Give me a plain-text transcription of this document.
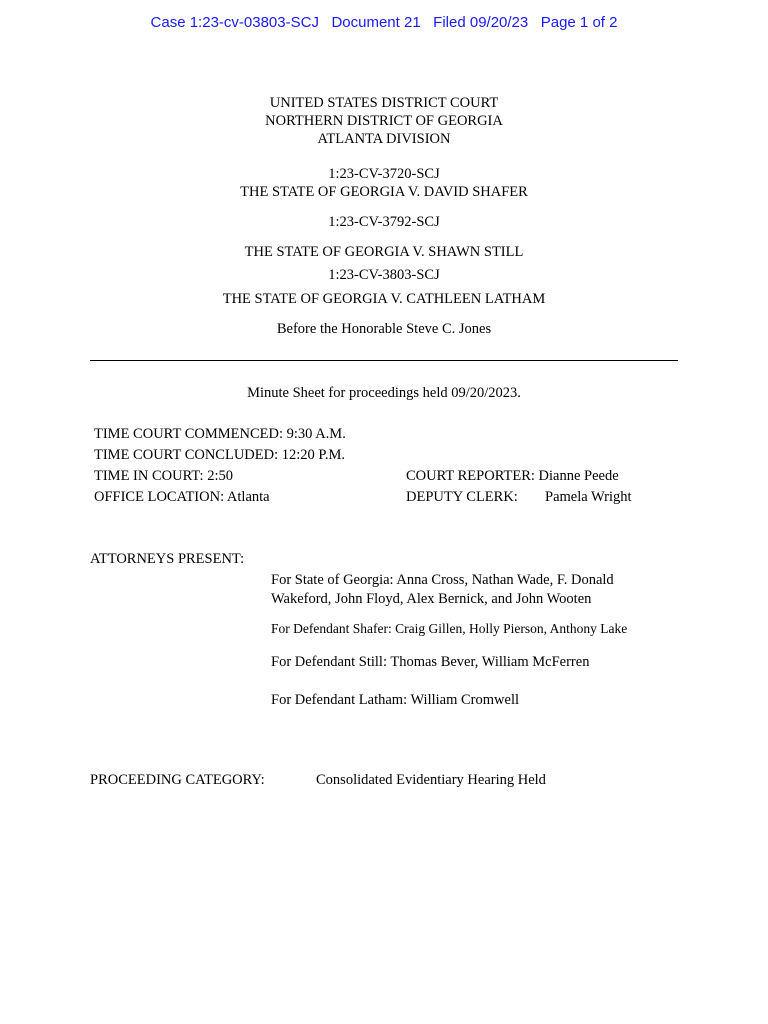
Case 1:23-cv-03803-SCJ   Document 21   Filed 09/20/23   Page 1 of 2
UNITED STATES DISTRICT COURT
NORTHERN DISTRICT OF GEORGIA
ATLANTA DIVISION
1:23-CV-3720-SCJ
THE STATE OF GEORGIA V. DAVID SHAFER
1:23-CV-3792-SCJ
THE STATE OF GEORGIA V. SHAWN STILL
1:23-CV-3803-SCJ
THE STATE OF GEORGIA V. CATHLEEN LATHAM
Before the Honorable Steve C. Jones
Minute Sheet for proceedings held 09/20/2023.
TIME COURT COMMENCED: 9:30 A.M.
TIME COURT CONCLUDED: 12:20 P.M.
TIME IN COURT: 2:50
OFFICE LOCATION: Atlanta
COURT REPORTER: Dianne Peede
DEPUTY CLERK: Pamela Wright
ATTORNEYS PRESENT:
For State of Georgia: Anna Cross, Nathan Wade, F. Donald
Wakeford, John Floyd, Alex Bernick, and John Wooten
For Defendant Shafer: Craig Gillen, Holly Pierson, Anthony Lake
For Defendant Still: Thomas Bever, William McFerren
For Defendant Latham: William Cromwell
PROCEEDING CATEGORY:	Consolidated Evidentiary Hearing Held
